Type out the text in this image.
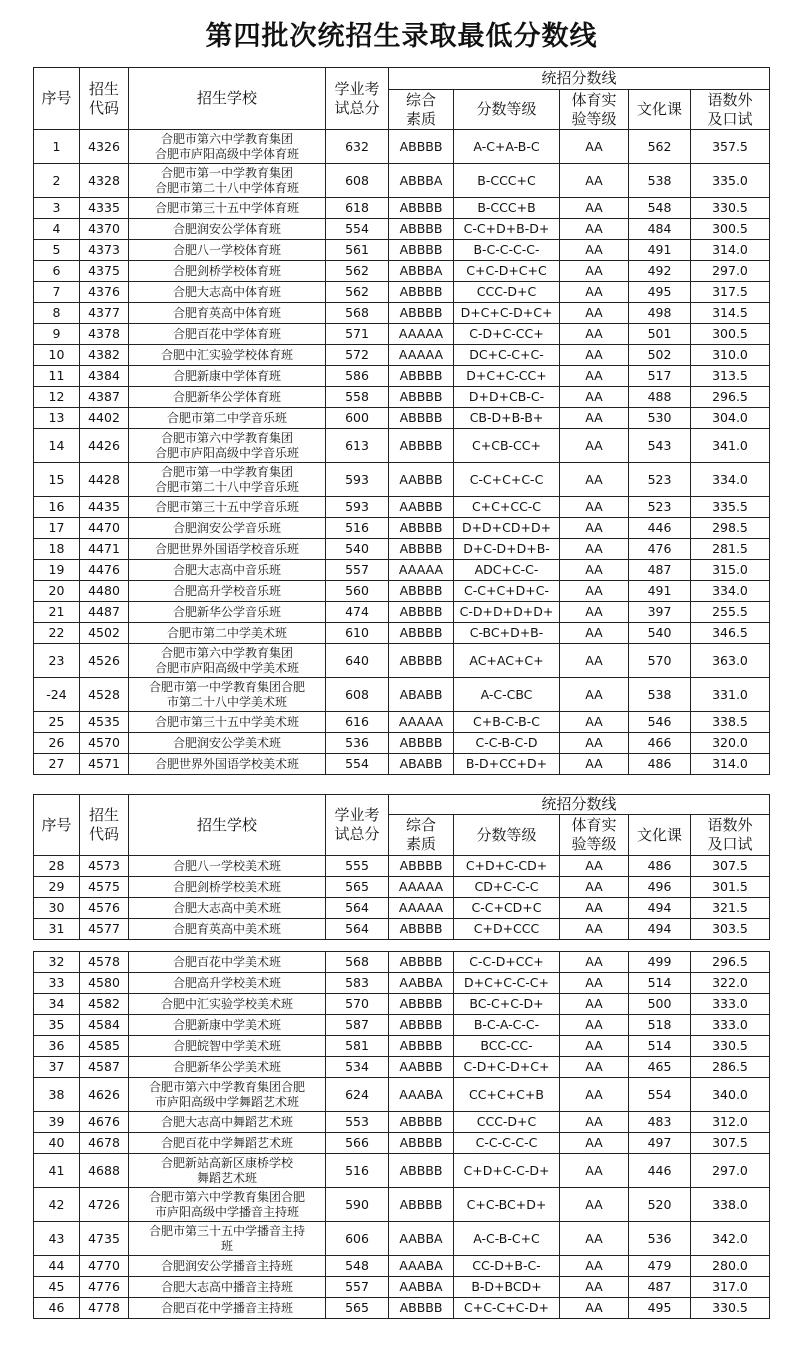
第四批次统招生录取最低分数线
序号	招生
代码	招生学校	学业考
试总分	统招分数线				
				综合
素质	分数等级	体育实
验等级	文化课	语数外
及口试
1	4326	合肥市第六中学教育集团
合肥市庐阳高级中学体育班	632	ABBBB	A-C+A-B-C	AA	562	357.5
2	4328	合肥市第一中学教育集团
合肥市第二十八中学体育班	608	ABBBA	B-CCC+C	AA	538	335.0
3	4335	合肥市第三十五中学体育班	618	ABBBB	B-CCC+B	AA	548	330.5
4	4370	合肥润安公学体育班	554	ABBBB	C-C+D+B-D+	AA	484	300.5
5	4373	合肥八一学校体育班	561	ABBBB	B-C-C-C-C-	AA	491	314.0
6	4375	合肥剑桥学校体育班	562	ABBBA	C+C-D+C+C	AA	492	297.0
7	4376	合肥大志高中体育班	562	ABBBB	CCC-D+C	AA	495	317.5
8	4377	合肥育英高中体育班	568	ABBBB	D+C+C-D+C+	AA	498	314.5
9	4378	合肥百花中学体育班	571	AAAAA	C-D+C-CC+	AA	501	300.5
10	4382	合肥中汇实验学校体育班	572	AAAAA	DC+C-C+C-	AA	502	310.0
11	4384	合肥新康中学体育班	586	ABBBB	D+C+C-CC+	AA	517	313.5
12	4387	合肥新华公学体育班	558	ABBBB	D+D+CB-C-	AA	488	296.5
13	4402	合肥市第二中学音乐班	600	ABBBB	CB-D+B-B+	AA	530	304.0
14	4426	合肥市第六中学教育集团
合肥市庐阳高级中学音乐班	613	ABBBB	C+CB-CC+	AA	543	341.0
15	4428	合肥市第一中学教育集团
合肥市第二十八中学音乐班	593	AABBB	C-C+C+C-C	AA	523	334.0
16	4435	合肥市第三十五中学音乐班	593	AABBB	C+C+CC-C	AA	523	335.5
17	4470	合肥润安公学音乐班	516	ABBBB	D+D+CD+D+	AA	446	298.5
18	4471	合肥世界外国语学校音乐班	540	ABBBB	D+C-D+D+B-	AA	476	281.5
19	4476	合肥大志高中音乐班	557	AAAAA	ADC+C-C-	AA	487	315.0
20	4480	合肥高升学校音乐班	560	ABBBB	C-C+C+D+C-	AA	491	334.0
21	4487	合肥新华公学音乐班	474	ABBBB	C-D+D+D+D+	AA	397	255.5
22	4502	合肥市第二中学美术班	610	ABBBB	C-BC+D+B-	AA	540	346.5
23	4526	合肥市第六中学教育集团
合肥市庐阳高级中学美术班	640	ABBBB	AC+AC+C+	AA	570	363.0
-24	4528	合肥市第一中学教育集团合肥
市第二十八中学美术班	608	ABABB	A-C-CBC	AA	538	331.0
25	4535	合肥市第三十五中学美术班	616	AAAAA	C+B-C-B-C	AA	546	338.5
26	4570	合肥润安公学美术班	536	ABBBB	C-C-B-C-D	AA	466	320.0
27	4571	合肥世界外国语学校美术班	554	ABABB	B-D+CC+D+	AA	486	314.0
序号	招生
代码	招生学校	学业考
试总分	统招分数线				
				综合
素质	分数等级	体育实
验等级	文化课	语数外
及口试
28	4573	合肥八一学校美术班	555	ABBBB	C+D+C-CD+	AA	486	307.5
29	4575	合肥剑桥学校美术班	565	AAAAA	CD+C-C-C	AA	496	301.5
30	4576	合肥大志高中美术班	564	AAAAA	C-C+CD+C	AA	494	321.5
31	4577	合肥育英高中美术班	564	ABBBB	C+D+CCC	AA	494	303.5
32	4578	合肥百花中学美术班	568	ABBBB	C-C-D+CC+	AA	499	296.5
33	4580	合肥高升学校美术班	583	AABBA	D+C+C-C-C+	AA	514	322.0
34	4582	合肥中汇实验学校美术班	570	ABBBB	BC-C+C-D+	AA	500	333.0
35	4584	合肥新康中学美术班	587	ABBBB	B-C-A-C-C-	AA	518	333.0
36	4585	合肥皖智中学美术班	581	ABBBB	BCC-CC-	AA	514	330.5
37	4587	合肥新华公学美术班	534	AABBB	C-D+C-D+C+	AA	465	286.5
38	4626	合肥市第六中学教育集团合肥
市庐阳高级中学舞蹈艺术班	624	AAABA	CC+C+C+B	AA	554	340.0
39	4676	合肥大志高中舞蹈艺术班	553	ABBBB	CCC-D+C	AA	483	312.0
40	4678	合肥百花中学舞蹈艺术班	566	ABBBB	C-C-C-C-C	AA	497	307.5
41	4688	合肥新站高新区康桥学校
舞蹈艺术班	516	ABBBB	C+D+C-C-D+	AA	446	297.0
42	4726	合肥市第六中学教育集团合肥
市庐阳高级中学播音主持班	590	ABBBB	C+C-BC+D+	AA	520	338.0
43	4735	合肥市第三十五中学播音主持
班	606	AABBA	A-C-B-C+C	AA	536	342.0
44	4770	合肥润安公学播音主持班	548	AAABA	CC-D+B-C-	AA	479	280.0
45	4776	合肥大志高中播音主持班	557	AABBA	B-D+BCD+	AA	487	317.0
46	4778	合肥百花中学播音主持班	565	ABBBB	C+C-C+C-D+	AA	495	330.5
